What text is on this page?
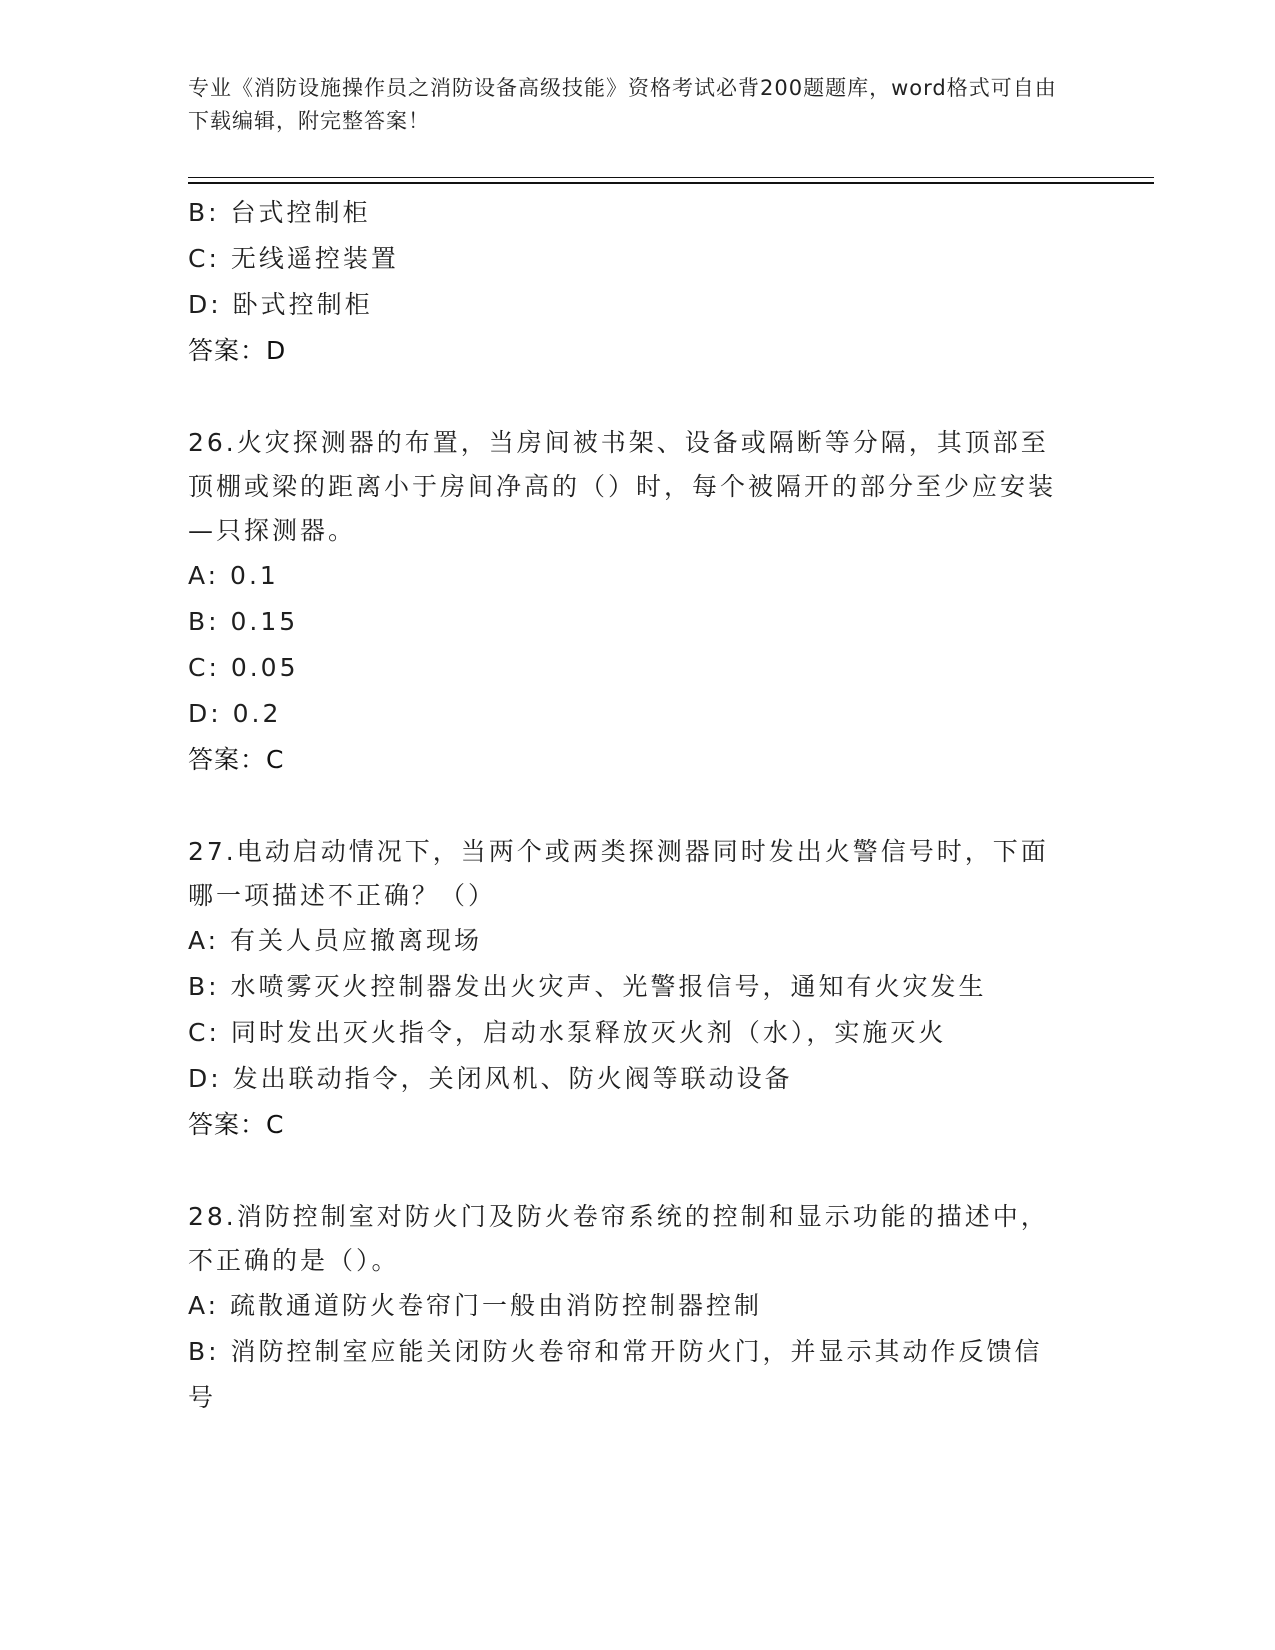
专业《消防设施操作员之消防设备高级技能》资格考试必背200题题库，word格式可自由下载编辑，附完整答案！
B: 台式控制柜
C: 无线遥控装置
D: 卧式控制柜
答案：D
26.火灾探测器的布置，当房间被书架、设备或隔断等分隔，其顶部至顶棚或梁的距离小于房间净高的（）时，每个被隔开的部分至少应安装—只探测器。
A: 0.1
B: 0.15
C: 0.05
D: 0.2
答案：C
27.电动启动情况下，当两个或两类探测器同时发出火警信号时，下面哪一项描述不正确？（）
A: 有关人员应撤离现场
B: 水喷雾灭火控制器发出火灾声、光警报信号，通知有火灾发生
C: 同时发出灭火指令，启动水泵释放灭火剂（水），实施灭火
D: 发出联动指令，关闭风机、防火阀等联动设备
答案：C
28.消防控制室对防火门及防火卷帘系统的控制和显示功能的描述中，不正确的是（）。
A: 疏散通道防火卷帘门一般由消防控制器控制
B: 消防控制室应能关闭防火卷帘和常开防火门，并显示其动作反馈信号
